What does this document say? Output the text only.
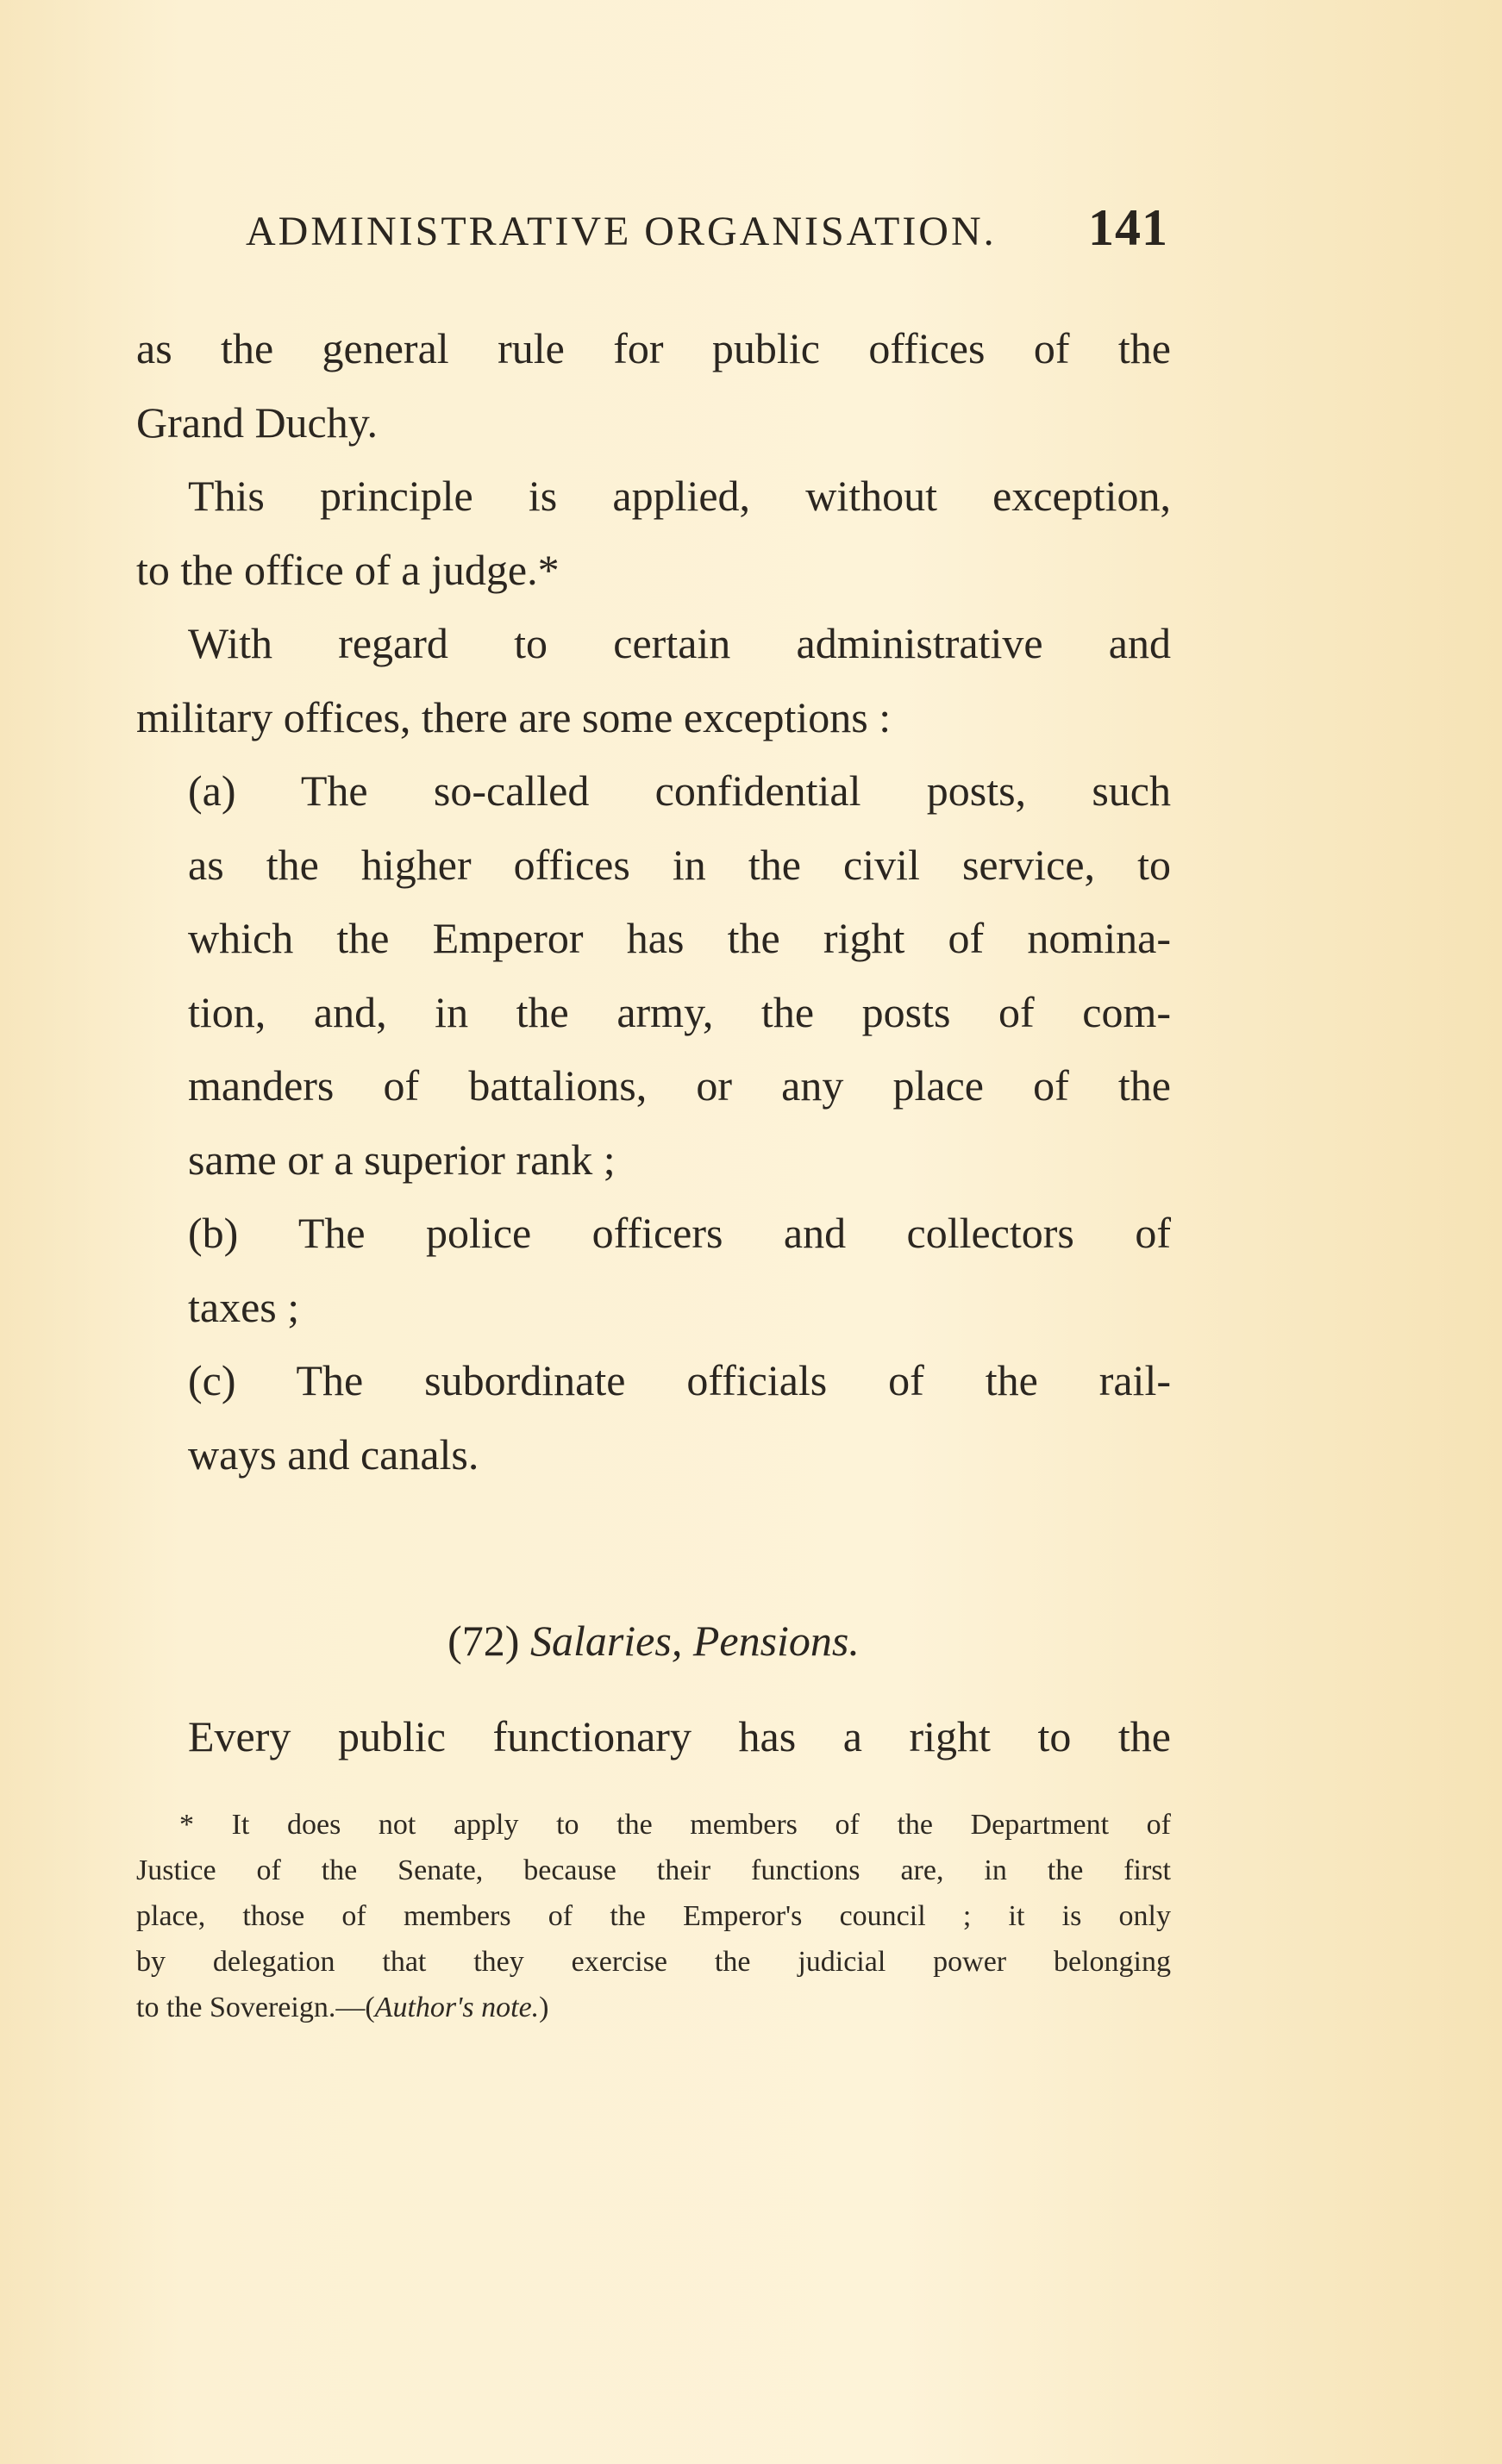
ADMINISTRATIVE ORGANISATION. 141
as the general rule for public offices of the
Grand Duchy.
This principle is applied, without exception,
to the office of a judge.*
With regard to certain administrative and
military offices, there are some exceptions :
(a) The so-called confidential posts, such
as the higher offices in the civil service, to
which the Emperor has the right of nomina-
tion, and, in the army, the posts of com-
manders of battalions, or any place of the
same or a superior rank ;
(b) The police officers and collectors of
taxes ;
(c) The subordinate officials of the rail-
ways and canals.
(72) Salaries, Pensions.
Every public functionary has a right to the
* It does not apply to the members of the Department of
Justice of the Senate, because their functions are, in the first
place, those of members of the Emperor's council ; it is only
by delegation that they exercise the judicial power belonging
to the Sovereign.—(Author's note.)
